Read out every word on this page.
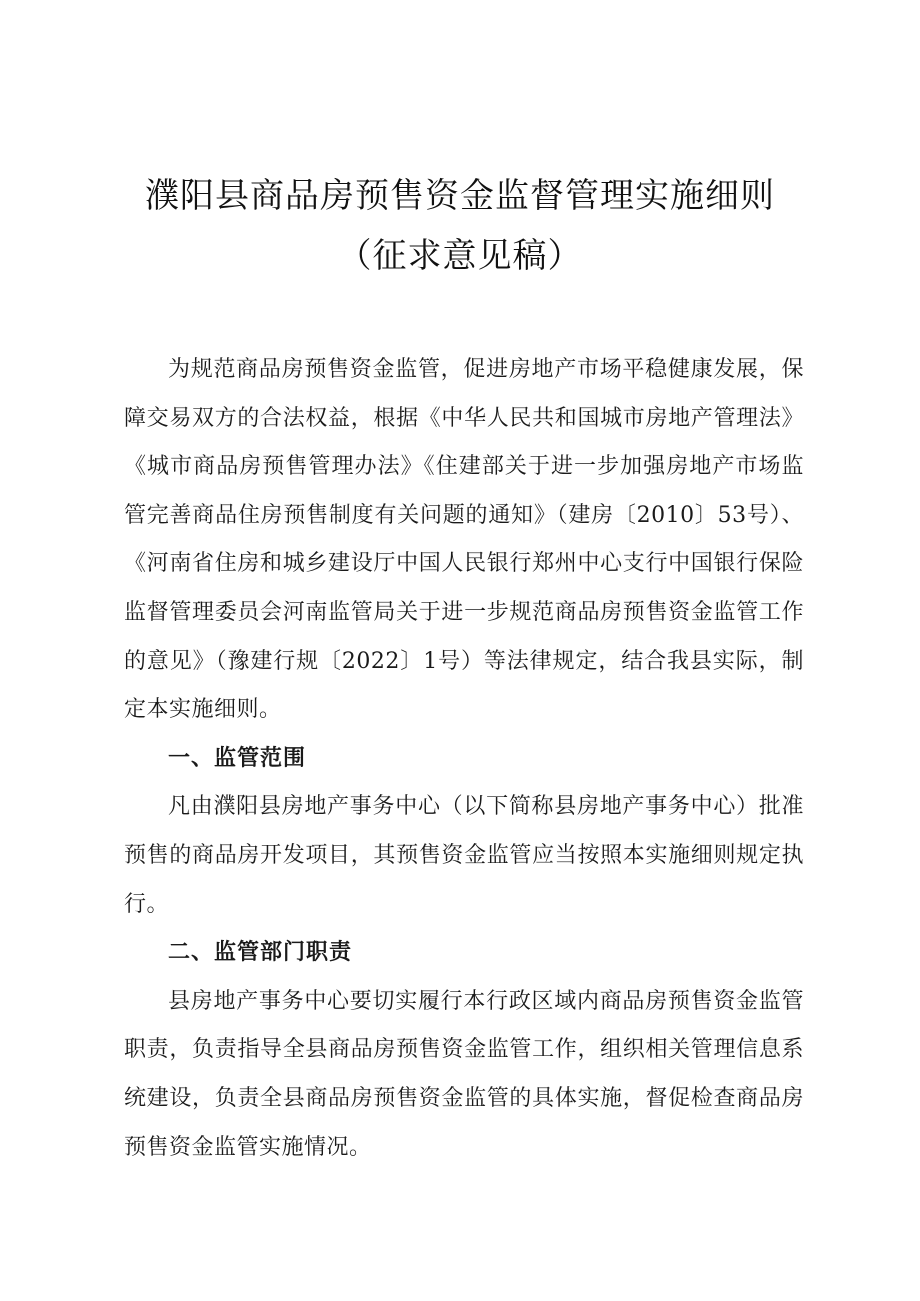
濮阳县商品房预售资金监督管理实施细则
（征求意见稿）

为规范商品房预售资金监管，促进房地产市场平稳健康发展，保障交易双方的合法权益，根据《中华人民共和国城市房地产管理法》《城市商品房预售管理办法》《住建部关于进一步加强房地产市场监管完善商品住房预售制度有关问题的通知》（建房〔2010〕53号）、《河南省住房和城乡建设厅中国人民银行郑州中心支行中国银行保险监督管理委员会河南监管局关于进一步规范商品房预售资金监管工作的意见》（豫建行规〔2022〕1号）等法律规定，结合我县实际，制定本实施细则。

一、监管范围

凡由濮阳县房地产事务中心（以下简称县房地产事务中心）批准预售的商品房开发项目，其预售资金监管应当按照本实施细则规定执行。

二、监管部门职责

县房地产事务中心要切实履行本行政区域内商品房预售资金监管职责，负责指导全县商品房预售资金监管工作，组织相关管理信息系统建设，负责全县商品房预售资金监管的具体实施，督促检查商品房预售资金监管实施情况。
